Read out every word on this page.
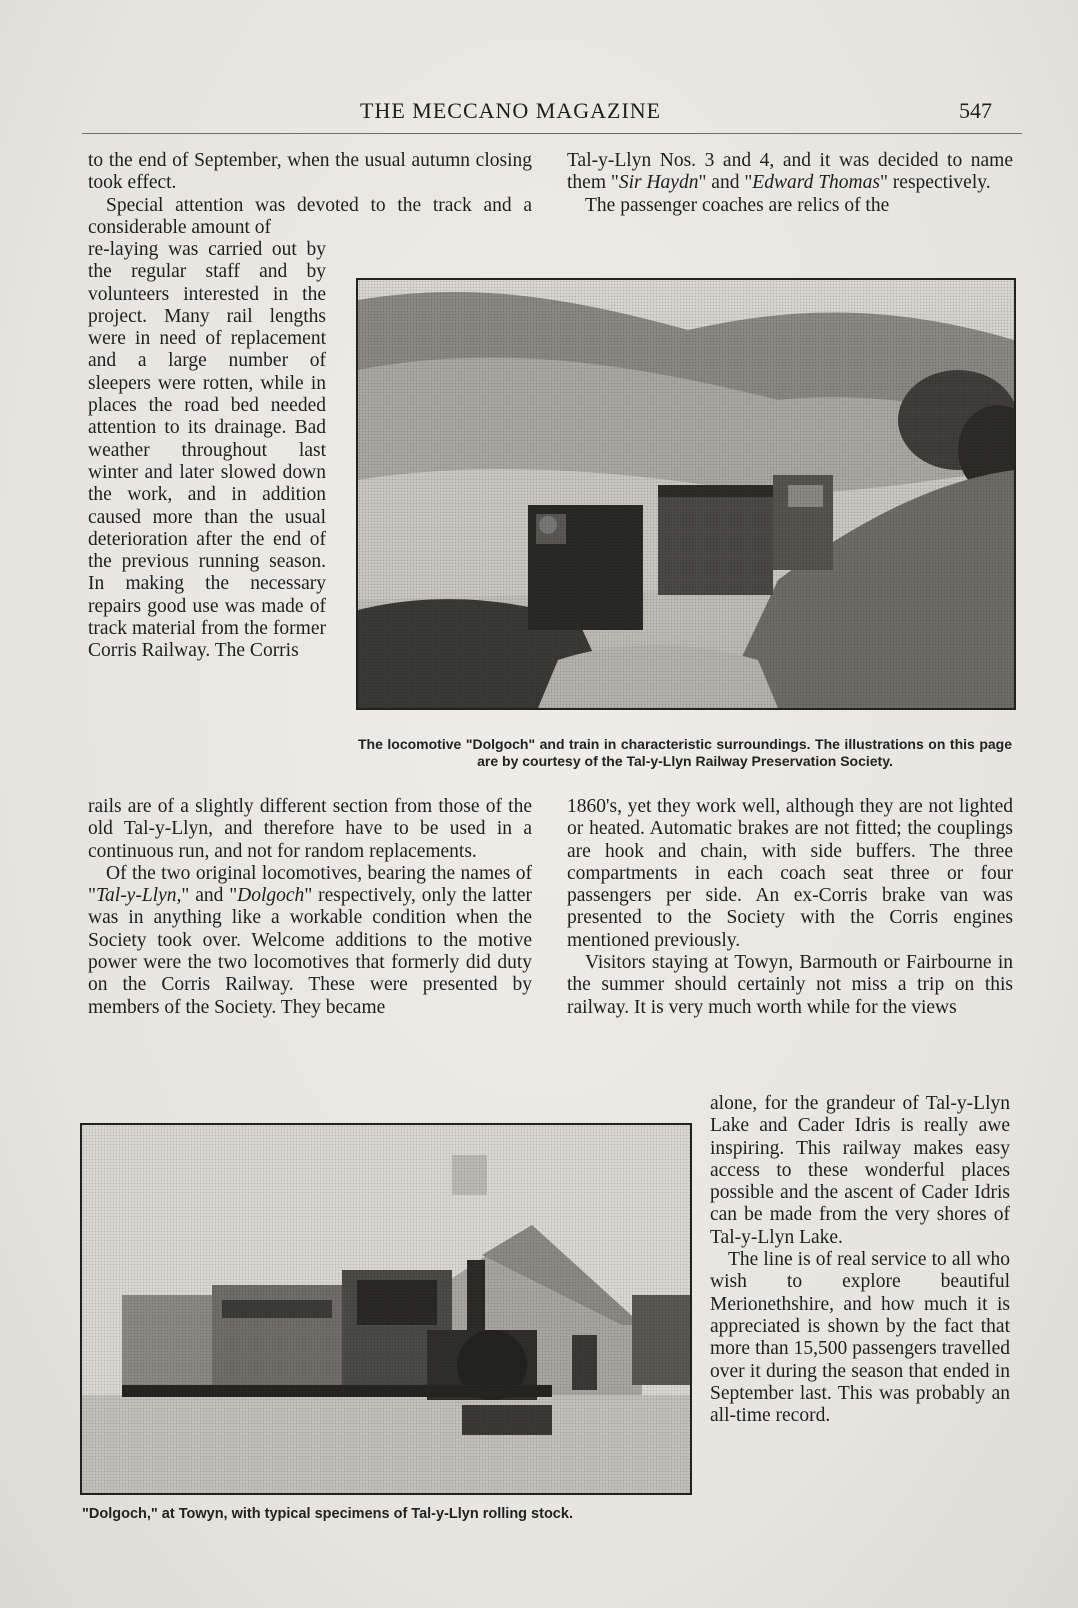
THE MECCANO MAGAZINE	547

to the end of September, when the usual autumn closing took effect.

Special attention was devoted to the track and a considerable amount of

re-laying was carried out by the regular staff and by volunteers interested in the project. Many rail lengths were in need of replacement and a large number of sleepers were rotten, while in places the road bed needed attention to its drainage. Bad weather throughout last winter and later slowed down the work, and in addition caused more than the usual deterioration after the end of the previous running season. In making the necessary repairs good use was made of track material from the former Corris Railway. The Corris

rails are of a slightly different section from those of the old Tal-y-Llyn, and therefore have to be used in a continuous run, and not for random replacements.

Of the two original locomotives, bearing the names of "Tal-y-Llyn," and "Dolgoch" respectively, only the latter was in anything like a workable condition when the Society took over. Welcome additions to the motive power were the two locomotives that formerly did duty on the Corris Railway. These were presented by members of the Society. They became

Tal-y-Llyn Nos. 3 and 4, and it was decided to name them "Sir Haydn" and "Edward Thomas" respectively.

The passenger coaches are relics of the

The locomotive "Dolgoch" and train in characteristic surroundings. The illustrations on this page are by courtesy of the Tal-y-Llyn Railway Preservation Society.

1860's, yet they work well, although they are not lighted or heated. Automatic brakes are not fitted; the couplings are hook and chain, with side buffers. The three compartments in each coach seat three or four passengers per side. An ex-Corris brake van was presented to the Society with the Corris engines mentioned previously.

Visitors staying at Towyn, Barmouth or Fairbourne in the summer should certainly not miss a trip on this railway. It is very much worth while for the views

alone, for the grandeur of Tal-y-Llyn Lake and Cader Idris is really awe inspiring. This railway makes easy access to these wonderful places possible and the ascent of Cader Idris can be made from the very shores of Tal-y-Llyn Lake.

The line is of real service to all who wish to explore beautiful Merionethshire, and how much it is appreciated is shown by the fact that more than 15,500 passengers travelled over it during the season that ended in September last. This was probably an all-time record.

"Dolgoch," at Towyn, with typical specimens of Tal-y-Llyn rolling stock.
